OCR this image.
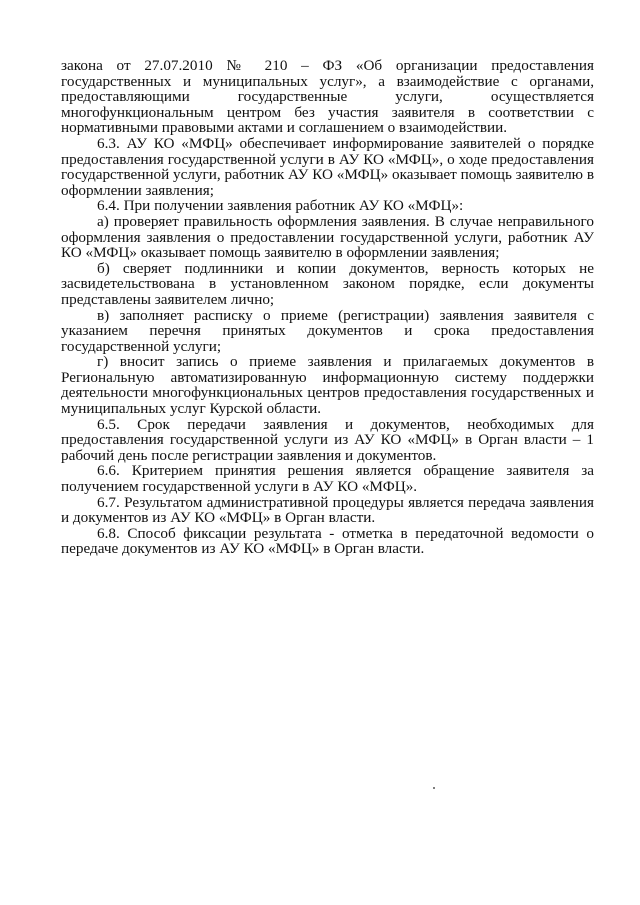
закона от 27.07.2010 № 210 – ФЗ «Об организации предоставления государственных и муниципальных услуг», а взаимодействие с органами, предоставляющими государственные услуги, осуществляется многофункциональным центром без участия заявителя в соответствии с нормативными правовыми актами и соглашением о взаимодействии.

6.3. АУ КО «МФЦ» обеспечивает информирование заявителей о порядке предоставления государственной услуги в АУ КО «МФЦ», о ходе предоставления государственной услуги, работник АУ КО «МФЦ» оказывает помощь заявителю в оформлении заявления;

6.4. При получении заявления работник АУ КО «МФЦ»:

а) проверяет правильность оформления заявления. В случае неправильного оформления заявления о предоставлении государственной услуги, работник АУ КО «МФЦ» оказывает помощь заявителю в оформлении заявления;

б) сверяет подлинники и копии документов, верность которых не засвидетельствована в установленном законом порядке, если документы представлены заявителем лично;

в) заполняет расписку о приеме (регистрации) заявления заявителя с указанием перечня принятых документов и срока предоставления государственной услуги;

г) вносит запись о приеме заявления и прилагаемых документов в Региональную автоматизированную информационную систему поддержки деятельности многофункциональных центров предоставления государственных и муниципальных услуг Курской области.

6.5. Срок передачи заявления и документов, необходимых для предоставления государственной услуги из АУ КО «МФЦ» в Орган власти – 1 рабочий день после регистрации заявления и документов.

6.6. Критерием принятия решения является обращение заявителя за получением государственной услуги в АУ КО «МФЦ».

6.7. Результатом административной процедуры является передача заявления и документов из АУ КО «МФЦ» в Орган власти.

6.8. Способ фиксации результата - отметка в передаточной ведомости о передаче документов из АУ КО «МФЦ» в Орган власти.
